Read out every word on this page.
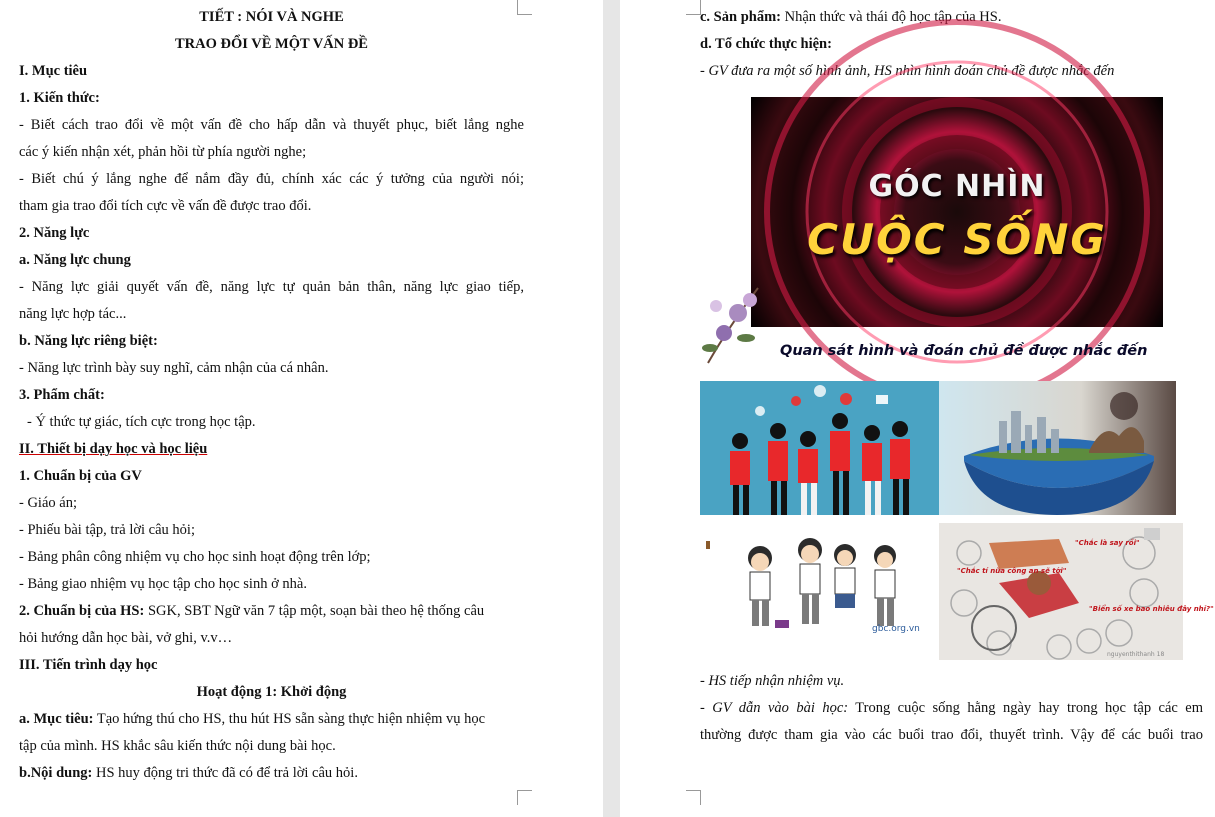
TIẾT : NÓI VÀ NGHE
TRAO ĐỔI VỀ MỘT VẤN ĐỀ
I. Mục tiêu
1. Kiến thức:
- Biết cách trao đổi về một vấn đề cho hấp dẫn và thuyết phục, biết lắng nghe
các ý kiến nhận xét, phản hồi từ phía người nghe;
- Biết chú ý lắng nghe để nắm đầy đủ, chính xác các ý tưởng của người nói;
tham gia trao đổi tích cực về vấn đề được trao đổi.
2. Năng lực
a. Năng lực chung
- Năng lực giải quyết vấn đề, năng lực tự quản bản thân, năng lực giao tiếp,
năng lực hợp tác...
b. Năng lực riêng biệt:
- Năng lực trình bày suy nghĩ, cảm nhận của cá nhân.
3. Phẩm chất:
- Ý thức tự giác, tích cực trong học tập.
II. Thiết bị dạy học và học liệu
1. Chuẩn bị của GV
- Giáo án;
- Phiếu bài tập, trả lời câu hỏi;
- Bảng phân công nhiệm vụ cho học sinh hoạt động trên lớp;
- Bảng giao nhiệm vụ học tập cho học sinh ở nhà.
2. Chuẩn bị của HS: SGK, SBT Ngữ văn 7 tập một, soạn bài theo hệ thống câu
hỏi hướng dẫn học bài, vở ghi, v.v…
III. Tiến trình dạy học
Hoạt động 1: Khởi động
a. Mục tiêu: Tạo hứng thú cho HS, thu hút HS sẵn sàng thực hiện nhiệm vụ học
tập của mình. HS khắc sâu kiến thức nội dung bài học.
b.Nội dung: HS huy động tri thức đã có để trả lời câu hỏi.
c. Sản phẩm: Nhận thức và thái độ học tập của HS.
d. Tổ chức thực hiện:
- GV đưa ra một số hình ảnh, HS nhìn hình đoán chủ đề được nhắc đến
GÓC NHÌN
CUỘC SỐNG
Quan sát hình và đoán chủ đề được nhắc đến
gbc.org.vn
"Chắc là say rồi"
"Chắc tí nữa công an sẽ tới"
"Biển số xe bao nhiêu đây nhỉ?"
nguyenthithanh 18
- HS tiếp nhận nhiệm vụ.
- GV dẫn vào bài học: Trong cuộc sống hằng ngày hay trong học tập các em
thường được tham gia vào các buổi trao đổi, thuyết trình. Vậy để các buổi trao
